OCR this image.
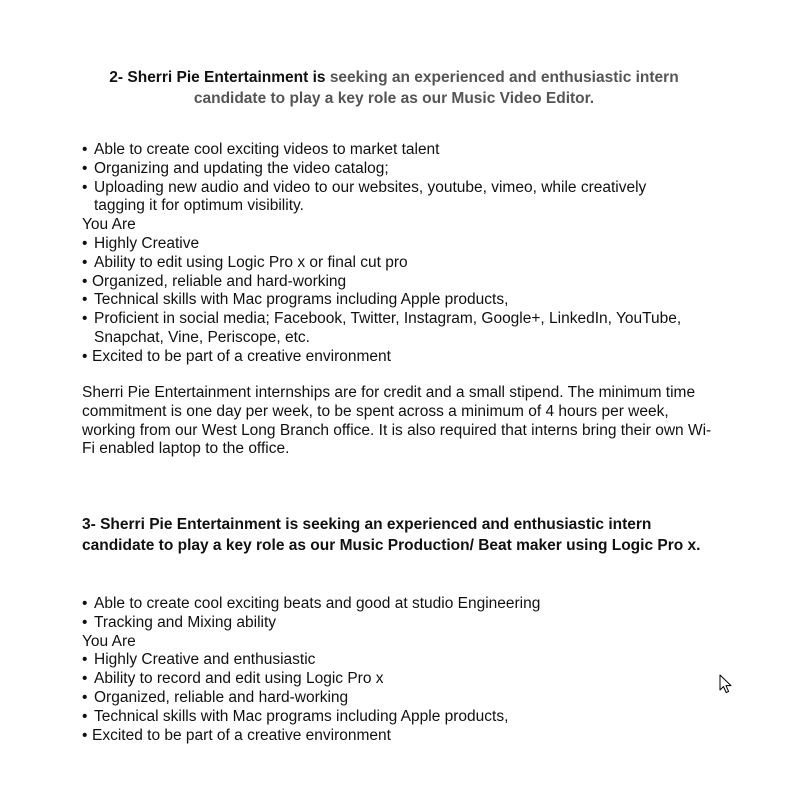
2- Sherri Pie Entertainment is seeking an experienced and enthusiastic intern candidate to play a key role as our Music Video Editor.
• Able to create cool exciting videos to market talent
• Organizing and updating the video catalog;
• Uploading new audio and video to our websites, youtube, vimeo, while creatively tagging it for optimum visibility.
You Are
• Highly Creative
• Ability to edit using Logic Pro x or final cut pro
• Organized, reliable and hard-working
• Technical skills with Mac programs including Apple products,
• Proficient in social media; Facebook, Twitter, Instagram, Google+, LinkedIn, YouTube, Snapchat, Vine, Periscope, etc.
• Excited to be part of a creative environment
Sherri Pie Entertainment internships are for credit and a small stipend. The minimum time commitment is one day per week, to be spent across a minimum of 4 hours per week, working from our West Long Branch office. It is also required that interns bring their own Wi-Fi enabled laptop to the office.
3- Sherri Pie Entertainment is seeking an experienced and enthusiastic intern candidate to play a key role as our Music Production/ Beat maker using Logic Pro x.
• Able to create cool exciting beats and good at studio Engineering
• Tracking and Mixing ability
You Are
• Highly Creative and enthusiastic
• Ability to record and edit using Logic Pro x
• Organized, reliable and hard-working
• Technical skills with Mac programs including Apple products,
• Excited to be part of a creative environment
